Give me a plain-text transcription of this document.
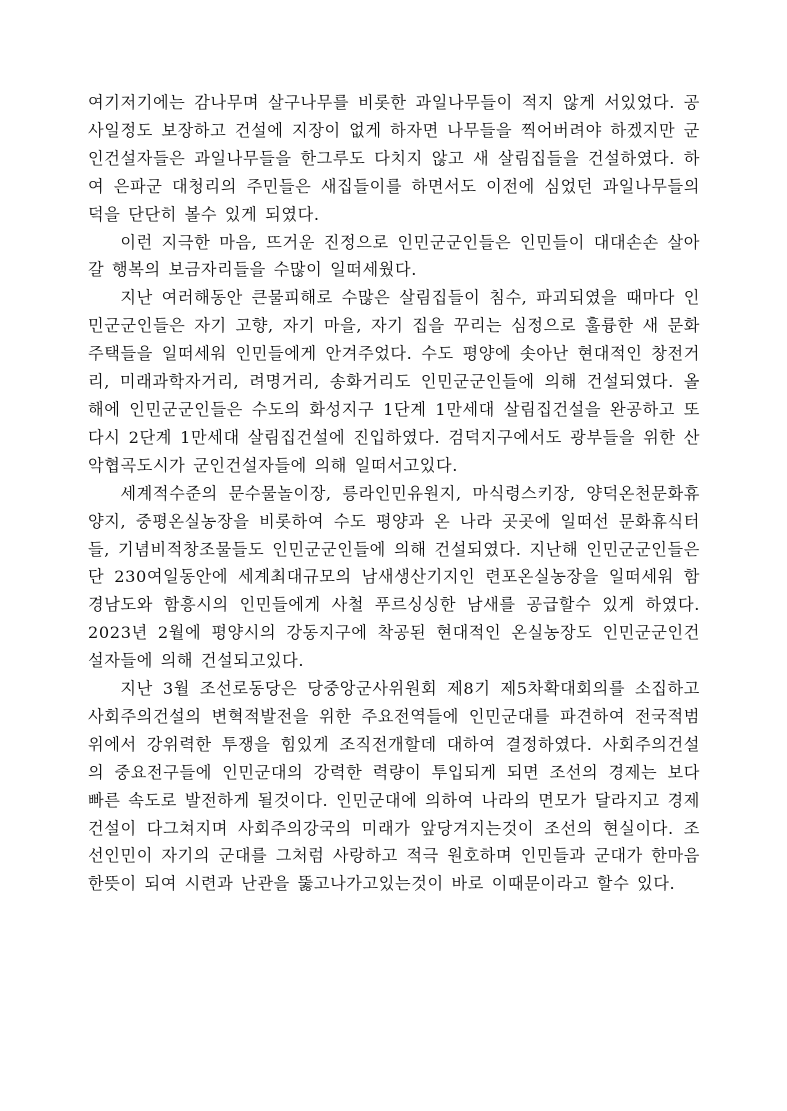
여기저기에는 감나무며 살구나무를 비롯한 과일나무들이 적지 않게 서있었다. 공사일정도 보장하고 건설에 지장이 없게 하자면 나무들을 찍어버려야 하겠지만 군인건설자들은 과일나무들을 한그루도 다치지 않고 새 살림집들을 건설하였다. 하여 은파군 대청리의 주민들은 새집들이를 하면서도 이전에 심었던 과일나무들의 덕을 단단히 볼수 있게 되였다.

이런 지극한 마음, 뜨거운 진정으로 인민군군인들은 인민들이 대대손손 살아갈 행복의 보금자리들을 수많이 일떠세웠다.

지난 여러해동안 큰물피해로 수많은 살림집들이 침수, 파괴되였을 때마다 인민군군인들은 자기 고향, 자기 마을, 자기 집을 꾸리는 심정으로 훌륭한 새 문화주택들을 일떠세워 인민들에게 안겨주었다. 수도 평양에 솟아난 현대적인 창전거리, 미래과학자거리, 려명거리, 송화거리도 인민군군인들에 의해 건설되였다. 올해에 인민군군인들은 수도의 화성지구 1단계 1만세대 살림집건설을 완공하고 또다시 2단계 1만세대 살림집건설에 진입하였다. 검덕지구에서도 광부들을 위한 산악협곡도시가 군인건설자들에 의해 일떠서고있다.

세계적수준의 문수물놀이장, 릉라인민유원지, 마식령스키장, 양덕온천문화휴양지, 중평온실농장을 비롯하여 수도 평양과 온 나라 곳곳에 일떠선 문화휴식터들, 기념비적창조물들도 인민군군인들에 의해 건설되였다. 지난해 인민군군인들은 단 230여일동안에 세계최대규모의 남새생산기지인 련포온실농장을 일떠세워 함경남도와 함흥시의 인민들에게 사철 푸르싱싱한 남새를 공급할수 있게 하였다. 2023년 2월에 평양시의 강동지구에 착공된 현대적인 온실농장도 인민군군인건설자들에 의해 건설되고있다.

지난 3월 조선로동당은 당중앙군사위원회 제8기 제5차확대회의를 소집하고 사회주의건설의 변혁적발전을 위한 주요전역들에 인민군대를 파견하여 전국적범위에서 강위력한 투쟁을 힘있게 조직전개할데 대하여 결정하였다. 사회주의건설의 중요전구들에 인민군대의 강력한 력량이 투입되게 되면 조선의 경제는 보다 빠른 속도로 발전하게 될것이다. 인민군대에 의하여 나라의 면모가 달라지고 경제건설이 다그쳐지며 사회주의강국의 미래가 앞당겨지는것이 조선의 현실이다. 조선인민이 자기의 군대를 그처럼 사랑하고 적극 원호하며 인민들과 군대가 한마음한뜻이 되여 시련과 난관을 뚫고나가고있는것이 바로 이때문이라고 할수 있다.
